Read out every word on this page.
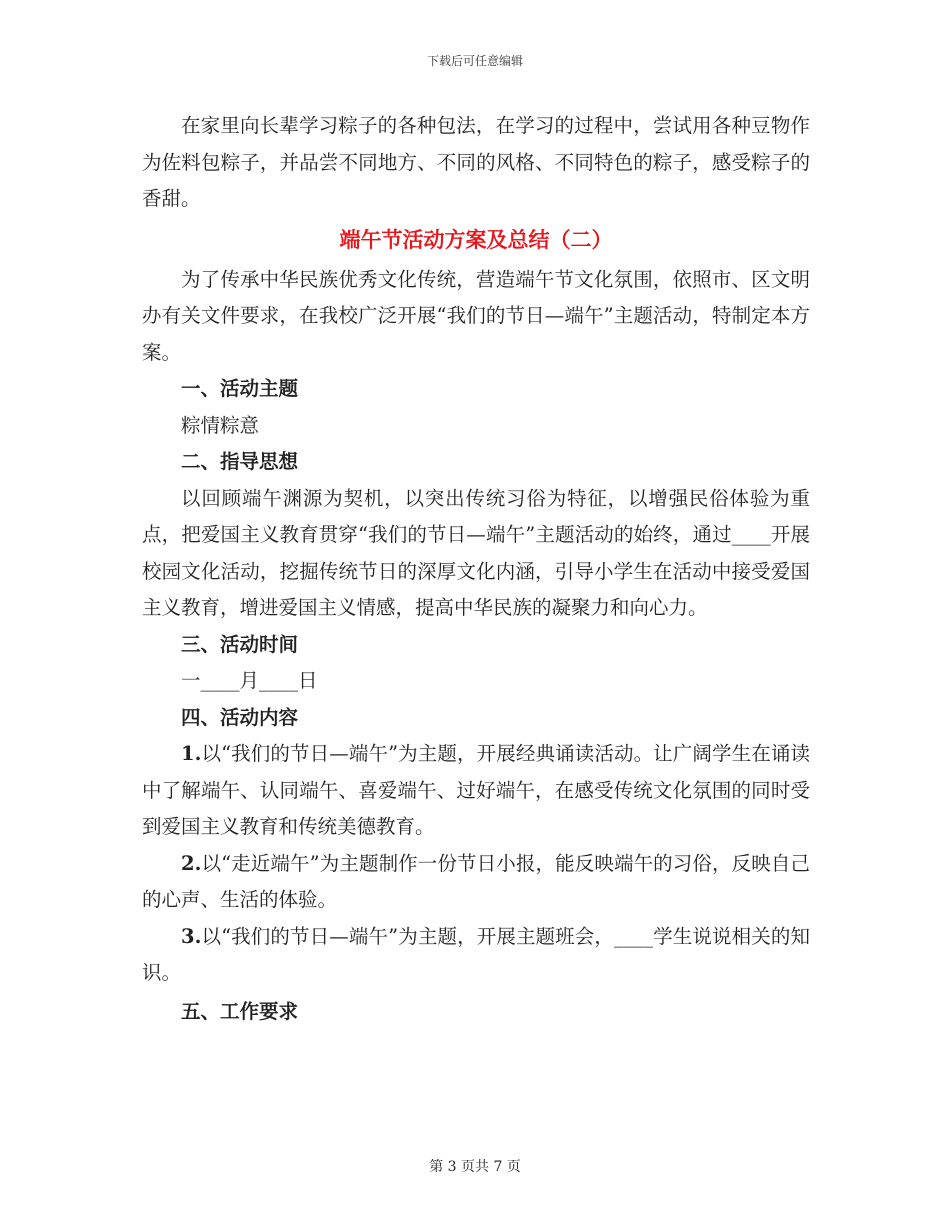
下载后可任意编辑

在家里向长辈学习粽子的各种包法，在学习的过程中，尝试用各种豆物作为佐料包粽子，并品尝不同地方、不同的风格、不同特色的粽子，感受粽子的香甜。

端午节活动方案及总结（二）

为了传承中华民族优秀文化传统，营造端午节文化氛围，依照市、区文明办有关文件要求，在我校广泛开展“我们的节日—端午”主题活动，特制定本方案。

一、活动主题

粽情粽意

二、指导思想

以回顾端午渊源为契机，以突出传统习俗为特征，以增强民俗体验为重点，把爱国主义教育贯穿“我们的节日—端午”主题活动的始终，通过____开展校园文化活动，挖掘传统节日的深厚文化内涵，引导小学生在活动中接受爱国主义教育，增进爱国主义情感，提高中华民族的凝聚力和向心力。

三、活动时间

一____月____日

四、活动内容

1.以“我们的节日—端午”为主题，开展经典诵读活动。让广阔学生在诵读中了解端午、认同端午、喜爱端午、过好端午，在感受传统文化氛围的同时受到爱国主义教育和传统美德教育。

2.以“走近端午”为主题制作一份节日小报，能反映端午的习俗，反映自己的心声、生活的体验。

3.以“我们的节日—端午”为主题，开展主题班会，____学生说说相关的知识。

五、工作要求

第 3 页共 7 页
